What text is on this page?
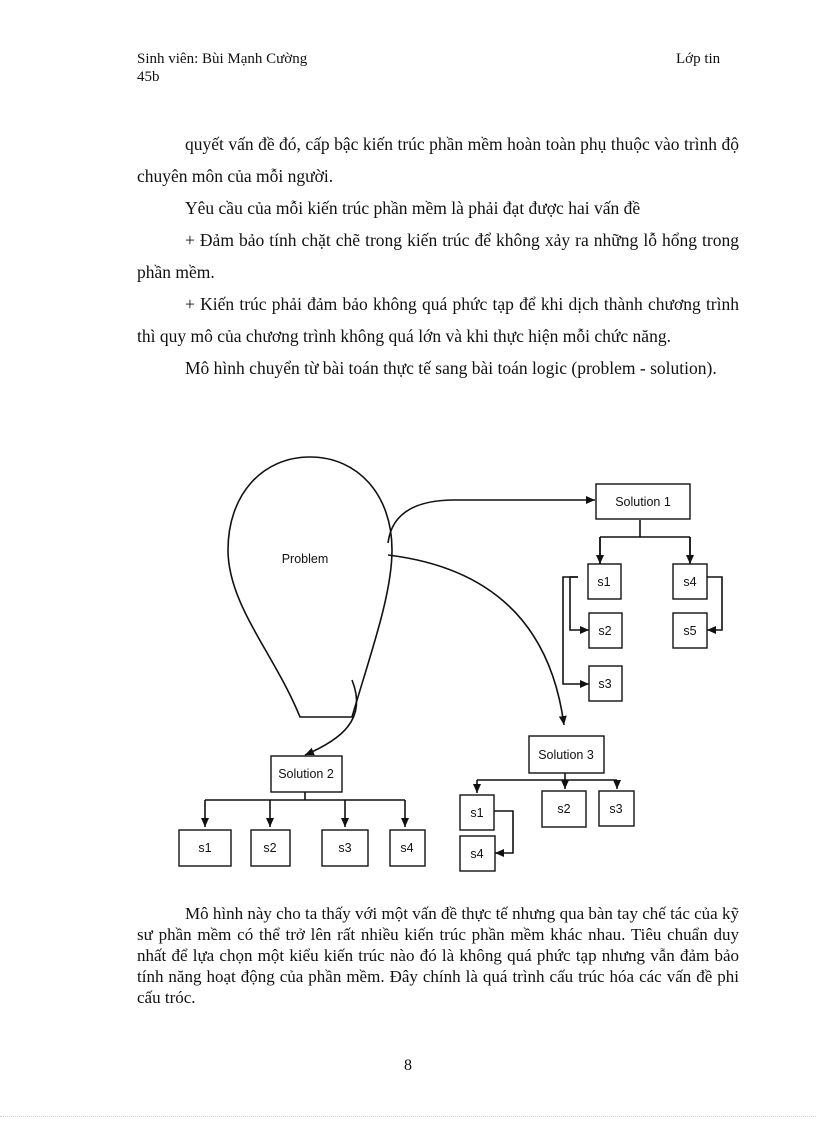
Sinh viên: Bùi Mạnh Cường
45b
Lớp tin

quyết vấn đề đó, cấp bậc kiến trúc phần mềm hoàn toàn phụ thuộc vào trình độ chuyên môn của mỗi người.

Yêu cầu của mỗi kiến trúc phần mềm là phải đạt được hai vấn đề

+ Đảm bảo tính chặt chẽ trong kiến trúc để không xảy ra những lỗ hổng trong phần mềm.

+ Kiến trúc phải đảm bảo không quá phức tạp để khi dịch thành chương trình thì quy mô của chương trình không quá lớn và khi thực hiện mỗi chức năng.

Mô hình chuyển từ bài toán thực tế sang bài toán logic (problem - solution).

Problem
Solution 1
s1	s4
s2	s5
s3
Solution 2
s1	s2	s3	s4
Solution 3
s1	s2	s3
s4

Mô hình này cho ta thấy với một vấn đề thực tế nhưng qua bàn tay chế tác của kỹ sư phần mềm có thể trở lên rất nhiều kiến trúc phần mềm khác nhau. Tiêu chuẩn duy nhất để lựa chọn một kiểu kiến trúc nào đó là không quá phức tạp nhưng vẫn đảm bảo tính năng hoạt động của phần mềm. Đây chính là quá trình cấu trúc hóa các vấn đề phi cấu tróc.

8
